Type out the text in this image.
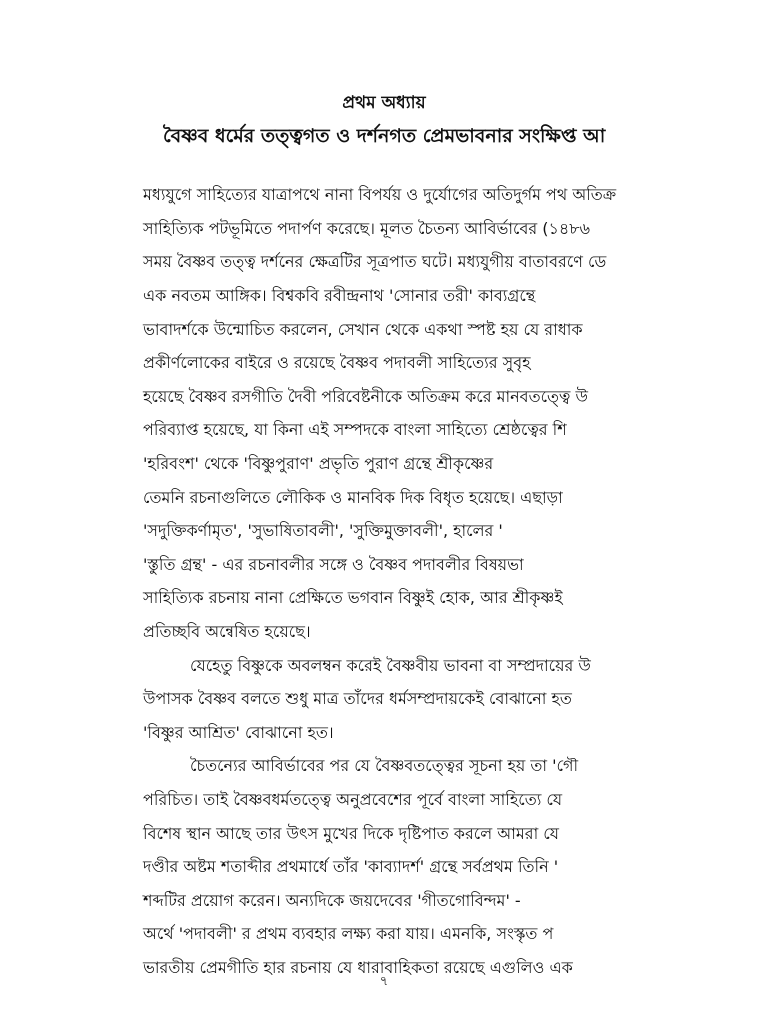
প্রথম অধ্যায়
বৈষ্ণব ধর্মের তত্ত্বগত ও দর্শনগত প্রেমভাবনার সংক্ষিপ্ত আ
মধ্যযুগে সাহিত্যের যাত্রাপথে নানা বিপর্যয় ও দুর্যোগের অতিদুর্গম পথ অতিক্র
সাহিত্যিক পটভূমিতে পদার্পণ করেছে। মূলত চৈতন্য আবির্ভাবের (১৪৮৬
সময় বৈষ্ণব তত্ত্ব দর্শনের ক্ষেত্রটির সূত্রপাত ঘটে। মধ্যযুগীয় বাতাবরণে ডে
এক নবতম আঙ্গিক। বিশ্বকবি রবীন্দ্রনাথ 'সোনার তরী' কাব্যগ্রন্থে
ভাবাদর্শকে উন্মোচিত করলেন, সেখান থেকে একথা স্পষ্ট হয় যে রাধাক
প্রকীর্ণলোকের বাইরে ও রয়েছে বৈষ্ণব পদাবলী সাহিত্যের সুবৃহ
হয়েছে বৈষ্ণব রসগীতি দৈবী পরিবেষ্টনীকে অতিক্রম করে মানবতত্ত্বে উ
পরিব্যাপ্ত হয়েছে, যা কিনা এই সম্পদকে বাংলা সাহিত্যে শ্রেষ্ঠত্বের শি
'হরিবংশ' থেকে 'বিষ্ণুপুরাণ' প্রভৃতি পুরাণ গ্রন্থে শ্রীকৃষ্ণের
তেমনি রচনাগুলিতে লৌকিক ও মানবিক দিক বিধৃত হয়েছে। এছাড়া
'সদুক্তিকর্ণামৃত', 'সুভাষিতাবলী', 'সুক্তিমুক্তাবলী', হালের '
'স্তুতি গ্রন্থ' - এর রচনাবলীর সঙ্গে ও বৈষ্ণব পদাবলীর বিষয়ভা
সাহিত্যিক রচনায় নানা প্রেক্ষিতে ভগবান বিষ্ণুই হোক, আর শ্রীকৃষ্ণই
প্রতিচ্ছবি অন্বেষিত হয়েছে।
যেহেতু বিষ্ণুকে অবলম্বন করেই বৈষ্ণবীয় ভাবনা বা সম্প্রদায়ের উ
উপাসক বৈষ্ণব বলতে শুধু মাত্র তাঁদের ধর্মসম্প্রদায়কেই বোঝানো হত
'বিষ্ণুর আশ্রিত' বোঝানো হত।
চৈতন্যের আবির্ভাবের পর যে বৈষ্ণবতত্ত্বের সূচনা হয় তা 'গৌ
পরিচিত। তাই বৈষ্ণবধর্মতত্ত্বে অনুপ্রবেশের পূর্বে বাংলা সাহিত্যে যে
বিশেষ স্থান আছে তার উৎস মুখের দিকে দৃষ্টিপাত করলে আমরা যে
দণ্ডীর অষ্টম শতাব্দীর প্রথমার্ধে তাঁর 'কাব্যাদর্শ' গ্রন্থে সর্বপ্রথম তিনি '
শব্দটির প্রয়োগ করেন। অন্যদিকে জয়দেবের 'গীতগোবিন্দম' -
অর্থে 'পদাবলী' র প্রথম ব্যবহার লক্ষ্য করা যায়। এমনকি, সংস্কৃত প
ভারতীয় প্রেমগীতি হার রচনায় যে ধারাবাহিকতা রয়েছে এগুলিও এক
৭
